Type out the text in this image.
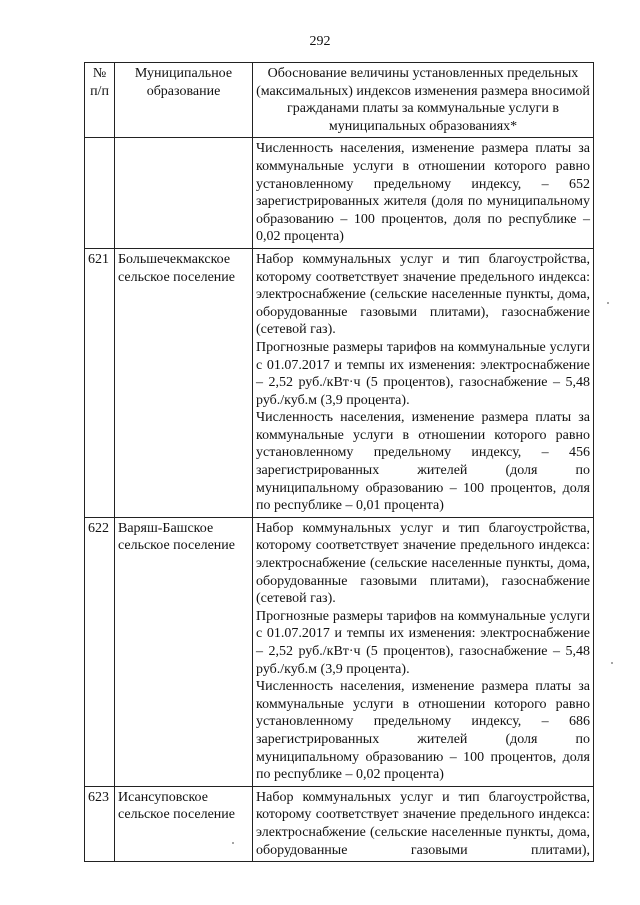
292
№ п/п	Муниципальное образование	Обоснование величины установленных предельных (максимальных) индексов изменения размера вносимой гражданами платы за коммунальные услуги в муниципальных образованиях*

		Численность населения, изменение размера платы за коммунальные услуги в отношении которого равно установленному предельному индексу, – 652 зарегистрированных жителя (доля по муниципальному образованию – 100 процентов, доля по республике – 0,02 процента)

621	Большечекмакское сельское поселение	Набор коммунальных услуг и тип благоустройства, которому соответствует значение предельного индекса: электроснабжение (сельские населенные пункты, дома, оборудованные газовыми плитами), газоснабжение (сетевой газ).
Прогнозные размеры тарифов на коммунальные услуги с 01.07.2017 и темпы их изменения: электроснабжение – 2,52 руб./кВт·ч (5 процентов), газоснабжение – 5,48 руб./куб.м (3,9 процента).
Численность населения, изменение размера платы за коммунальные услуги в отношении которого равно установленному предельному индексу, – 456 зарегистрированных жителей (доля по муниципальному образованию – 100 процентов, доля по республике – 0,01 процента)

622	Варяш-Башское сельское поселение	Набор коммунальных услуг и тип благоустройства, которому соответствует значение предельного индекса: электроснабжение (сельские населенные пункты, дома, оборудованные газовыми плитами), газоснабжение (сетевой газ).
Прогнозные размеры тарифов на коммунальные услуги с 01.07.2017 и темпы их изменения: электроснабжение – 2,52 руб./кВт·ч (5 процентов), газоснабжение – 5,48 руб./куб.м (3,9 процента).
Численность населения, изменение размера платы за коммунальные услуги в отношении которого равно установленному предельному индексу, – 686 зарегистрированных жителей (доля по муниципальному образованию – 100 процентов, доля по республике – 0,02 процента)

623	Исансуповское сельское поселение	Набор коммунальных услуг и тип благоустройства, которому соответствует значение предельного индекса: электроснабжение (сельские населенные пункты, дома, оборудованные газовыми плитами),
